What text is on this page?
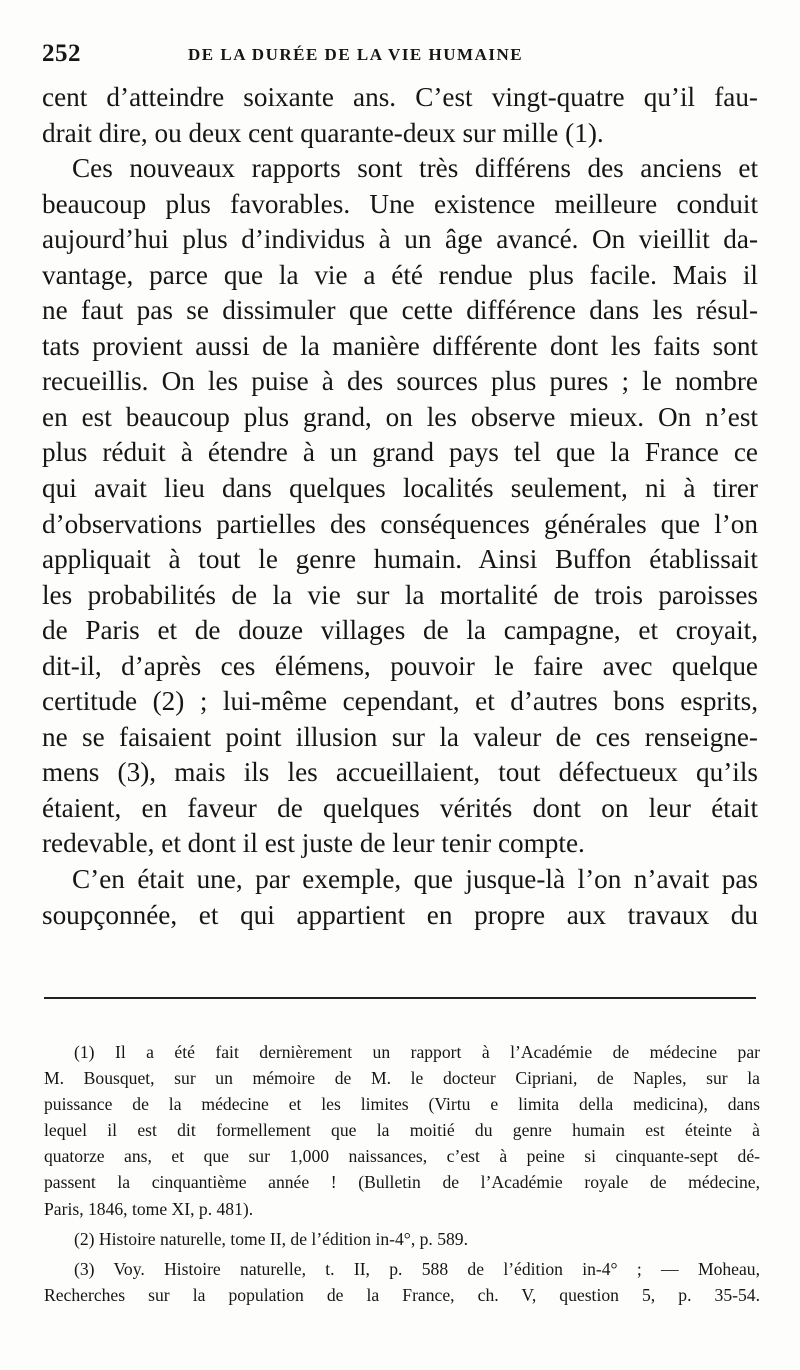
252	DE LA DURÉE DE LA VIE HUMAINE
cent d’atteindre soixante ans. C’est vingt-quatre qu’il fau-
drait dire, ou deux cent quarante-deux sur mille (1).
Ces nouveaux rapports sont très différens des anciens et
beaucoup plus favorables. Une existence meilleure conduit
aujourd’hui plus d’individus à un âge avancé. On vieillit da-
vantage, parce que la vie a été rendue plus facile. Mais il
ne faut pas se dissimuler que cette différence dans les résul-
tats provient aussi de la manière différente dont les faits sont
recueillis. On les puise à des sources plus pures ; le nombre
en est beaucoup plus grand, on les observe mieux. On n’est
plus réduit à étendre à un grand pays tel que la France ce
qui avait lieu dans quelques localités seulement, ni à tirer
d’observations partielles des conséquences générales que l’on
appliquait à tout le genre humain. Ainsi Buffon établissait
les probabilités de la vie sur la mortalité de trois paroisses
de Paris et de douze villages de la campagne, et croyait,
dit-il, d’après ces élémens, pouvoir le faire avec quelque
certitude (2) ; lui-même cependant, et d’autres bons esprits,
ne se faisaient point illusion sur la valeur de ces renseigne-
mens (3), mais ils les accueillaient, tout défectueux qu’ils
étaient, en faveur de quelques vérités dont on leur était
redevable, et dont il est juste de leur tenir compte.
C’en était une, par exemple, que jusque-là l’on n’avait pas
soupçonnée, et qui appartient en propre aux travaux du
(1) Il a été fait dernièrement un rapport à l’Académie de médecine par
M. Bousquet, sur un mémoire de M. le docteur Cipriani, de Naples, sur la
puissance de la médecine et les limites (Virtu e limita della medicina), dans
lequel il est dit formellement que la moitié du genre humain est éteinte à
quatorze ans, et que sur 1,000 naissances, c’est à peine si cinquante-sept dé-
passent la cinquantième année ! (Bulletin de l’Académie royale de médecine,
Paris, 1846, tome XI, p. 481).
(2) Histoire naturelle, tome II, de l’édition in-4°, p. 589.
(3) Voy. Histoire naturelle, t. II, p. 588 de l’édition in-4° ; — Moheau,
Recherches sur la population de la France, ch. V, question 5, p. 35-54.
